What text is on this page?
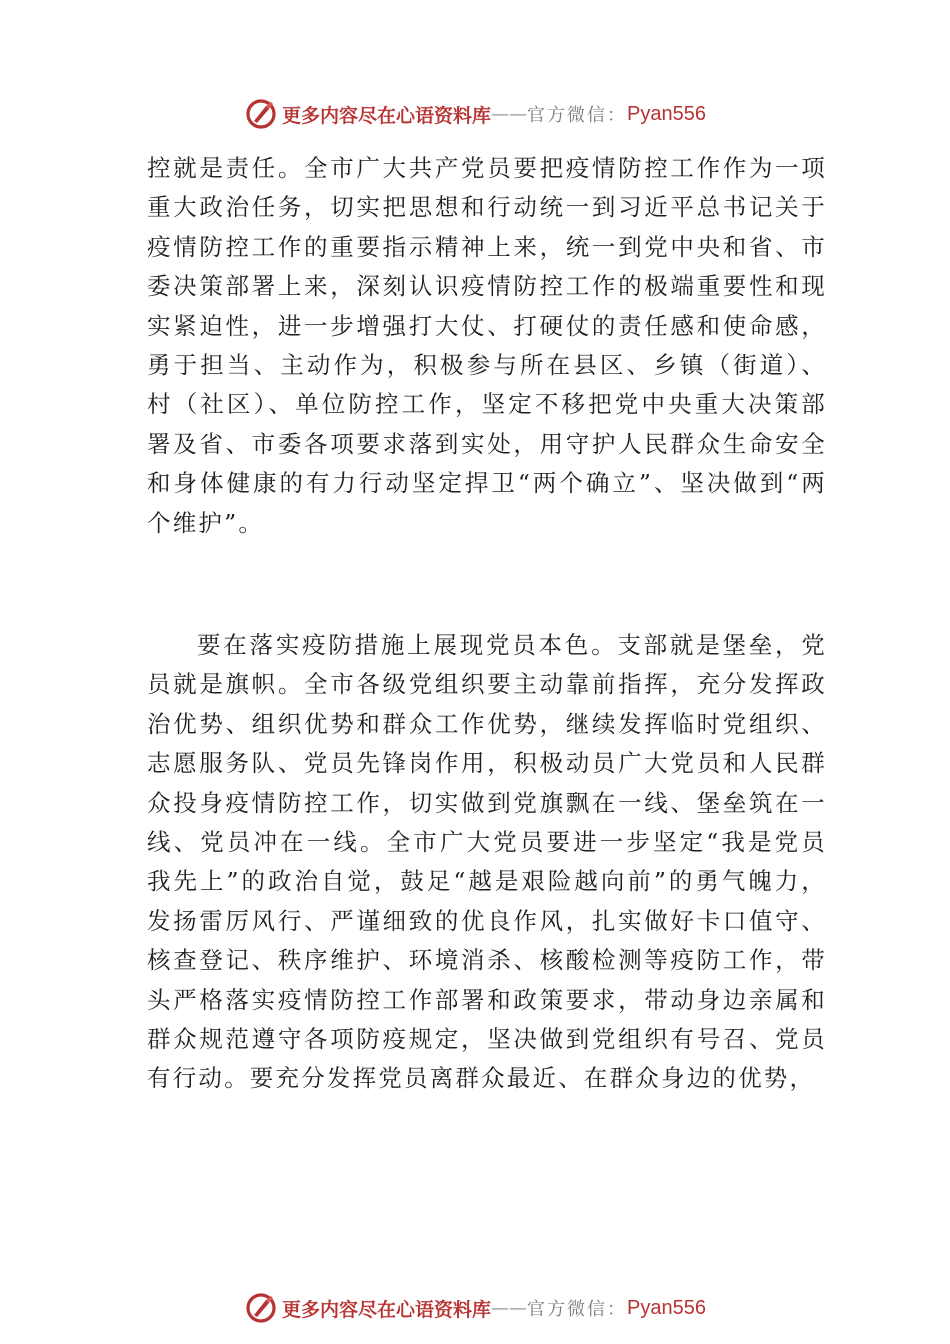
更多内容尽在心语资料库 —— 官方微信： Pyan556

控就是责任。全市广大共产党员要把疫情防控工作作为一项重大政治任务，切实把思想和行动统一到习近平总书记关于疫情防控工作的重要指示精神上来，统一到党中央和省、市委决策部署上来，深刻认识疫情防控工作的极端重要性和现实紧迫性，进一步增强打大仗、打硬仗的责任感和使命感，勇于担当、主动作为，积极参与所在县区、乡镇（街道）、村（社区）、单位防控工作，坚定不移把党中央重大决策部署及省、市委各项要求落到实处，用守护人民群众生命安全和身体健康的有力行动坚定捍卫“两个确立”、坚决做到“两个维护”。

要在落实疫防措施上展现党员本色。支部就是堡垒，党员就是旗帜。全市各级党组织要主动靠前指挥，充分发挥政治优势、组织优势和群众工作优势，继续发挥临时党组织、志愿服务队、党员先锋岗作用，积极动员广大党员和人民群众投身疫情防控工作，切实做到党旗飘在一线、堡垒筑在一线、党员冲在一线。全市广大党员要进一步坚定“我是党员我先上”的政治自觉，鼓足“越是艰险越向前”的勇气魄力，发扬雷厉风行、严谨细致的优良作风，扎实做好卡口值守、核查登记、秩序维护、环境消杀、核酸检测等疫防工作，带头严格落实疫情防控工作部署和政策要求，带动身边亲属和群众规范遵守各项防疫规定，坚决做到党组织有号召、党员有行动。要充分发挥党员离群众最近、在群众身边的优势，

更多内容尽在心语资料库 —— 官方微信： Pyan556
